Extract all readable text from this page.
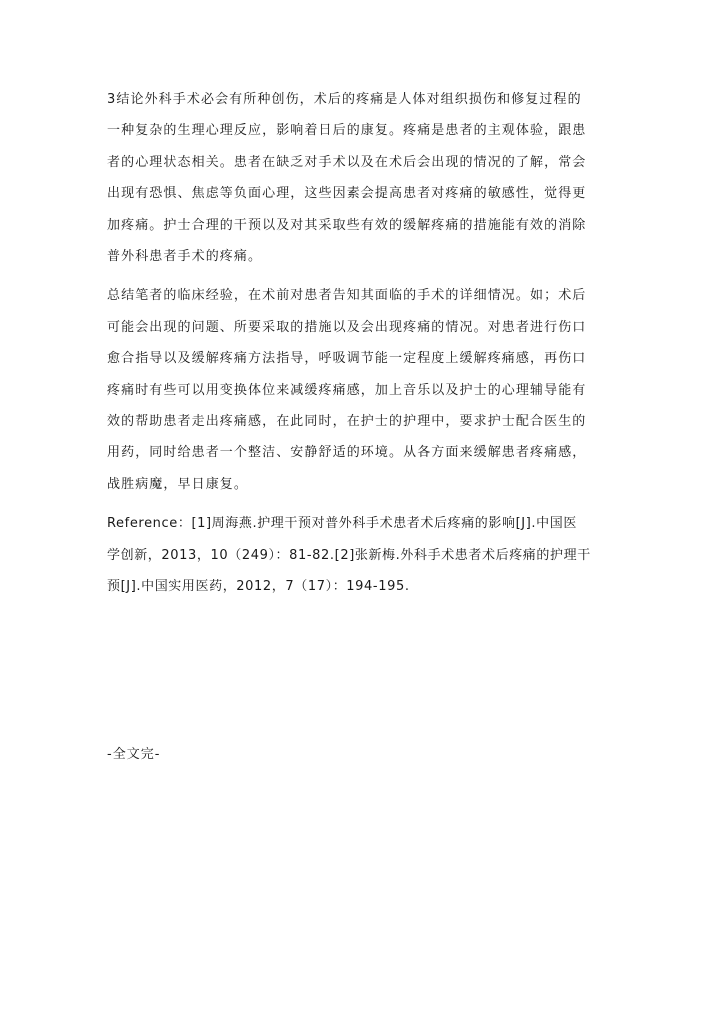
3结论外科手术必会有所种创伤，术后的疼痛是人体对组织损伤和修复过程的

一种复杂的生理心理反应，影响着日后的康复。疼痛是患者的主观体验，跟患

者的心理状态相关。患者在缺乏对手术以及在术后会出现的情况的了解，常会

出现有恐惧、焦虑等负面心理，这些因素会提高患者对疼痛的敏感性，觉得更

加疼痛。护士合理的干预以及对其采取些有效的缓解疼痛的措施能有效的消除

普外科患者手术的疼痛。

总结笔者的临床经验，在术前对患者告知其面临的手术的详细情况。如；术后

可能会出现的问题、所要采取的措施以及会出现疼痛的情况。对患者进行伤口

愈合指导以及缓解疼痛方法指导，呼吸调节能一定程度上缓解疼痛感，再伤口

疼痛时有些可以用变换体位来减缓疼痛感，加上音乐以及护士的心理辅导能有

效的帮助患者走出疼痛感，在此同时，在护士的护理中，要求护士配合医生的

用药，同时给患者一个整洁、安静舒适的环境。从各方面来缓解患者疼痛感，

战胜病魔，早日康复。

Reference：[1]周海燕.护理干预对普外科手术患者术后疼痛的影响[J].中国医

学创新，2013，10（249）：81-82.[2]张新梅.外科手术患者术后疼痛的护理干

预[J].中国实用医药，2012，7（17）：194-195.

-全文完-
